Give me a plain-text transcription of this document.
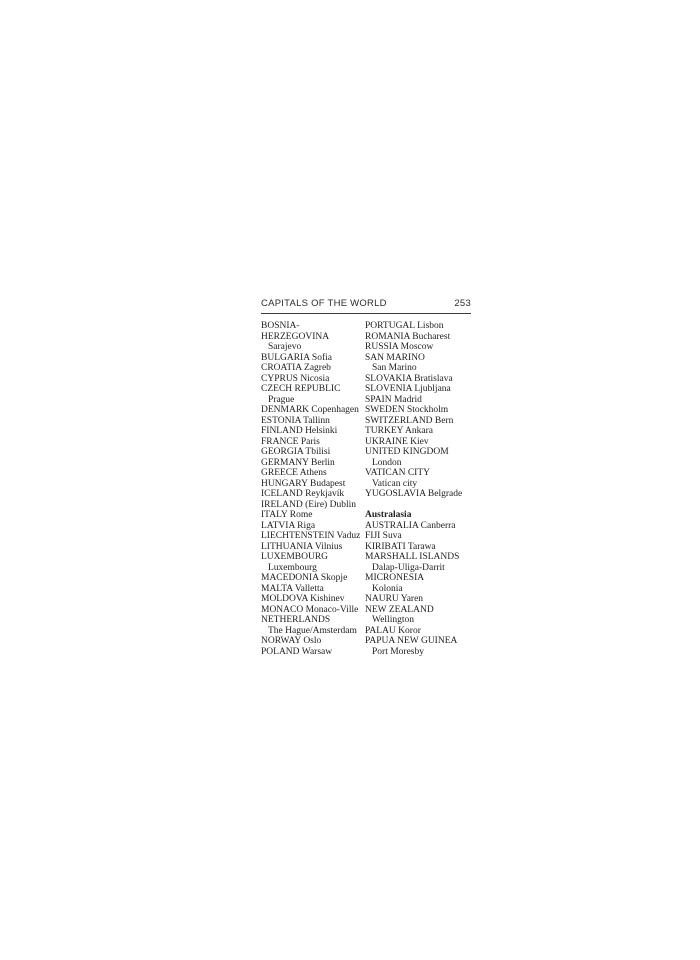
CAPITALS OF THE WORLD	253
BOSNIA-
HERZEGOVINA
Sarajevo
BULGARIA Sofia
CROATIA Zagreb
CYPRUS Nicosia
CZECH REPUBLIC
Prague
DENMARK Copenhagen
ESTONIA Tallinn
FINLAND Helsinki
FRANCE Paris
GEORGIA Tbilisi
GERMANY Berlin
GREECE Athens
HUNGARY Budapest
ICELAND Reykjavík
IRELAND (Eire) Dublin
ITALY Rome
LATVIA Riga
LIECHTENSTEIN Vaduz
LITHUANIA Vilnius
LUXEMBOURG
Luxembourg
MACEDONIA Skopje
MALTA Valletta
MOLDOVA Kishinev
MONACO Monaco-Ville
NETHERLANDS
The Hague/Amsterdam
NORWAY Oslo
POLAND Warsaw
PORTUGAL Lisbon
ROMANIA Bucharest
RUSSIA Moscow
SAN MARINO
San Marino
SLOVAKIA Bratislava
SLOVENIA Ljubljana
SPAIN Madrid
SWEDEN Stockholm
SWITZERLAND Bern
TURKEY Ankara
UKRAINE Kiev
UNITED KINGDOM
London
VATICAN CITY
Vatican city
YUGOSLAVIA Belgrade

Australasia
AUSTRALIA Canberra
FIJI Suva
KIRIBATI Tarawa
MARSHALL ISLANDS
Dalap-Uliga-Darrit
MICRONESIA
Kolonia
NAURU Yaren
NEW ZEALAND
Wellington
PALAU Koror
PAPUA NEW GUINEA
Port Moresby
